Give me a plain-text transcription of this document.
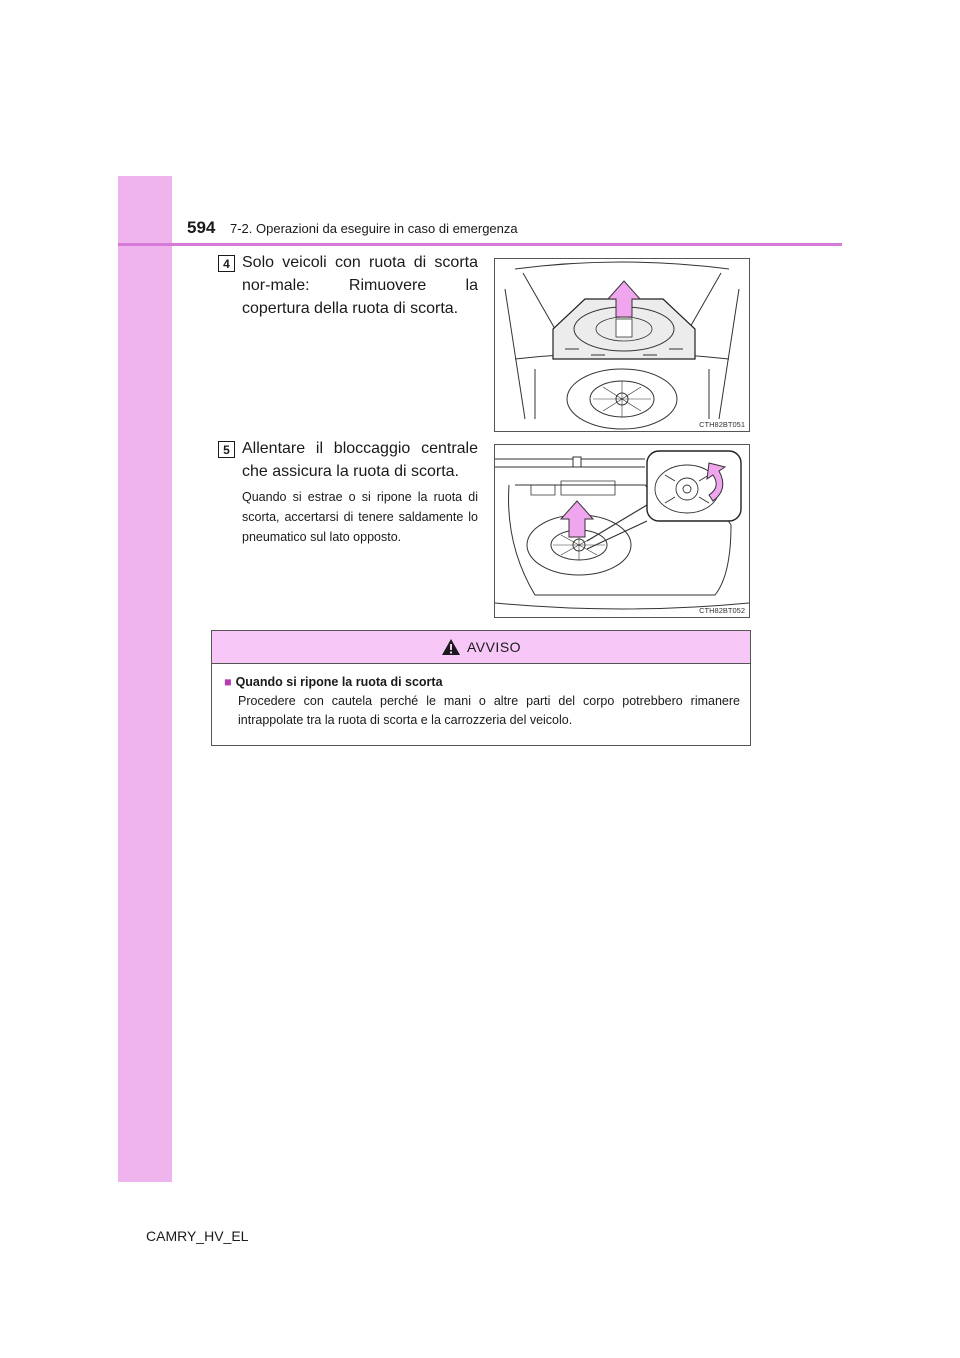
594 7-2. Operazioni da eseguire in caso di emergenza
4 Solo veicoli con ruota di scorta nor-male: Rimuovere la copertura della ruota di scorta.
CTH82BT051
5 Allentare il bloccaggio centrale che assicura la ruota di scorta.
Quando si estrae o si ripone la ruota di scorta, accertarsi di tenere saldamente lo pneumatico sul lato opposto.
CTH82BT052
AVVISO
■ Quando si ripone la ruota di scorta
Procedere con cautela perché le mani o altre parti del corpo potrebbero rimanere intrappolate tra la ruota di scorta e la carrozzeria del veicolo.
CAMRY_HV_EL
